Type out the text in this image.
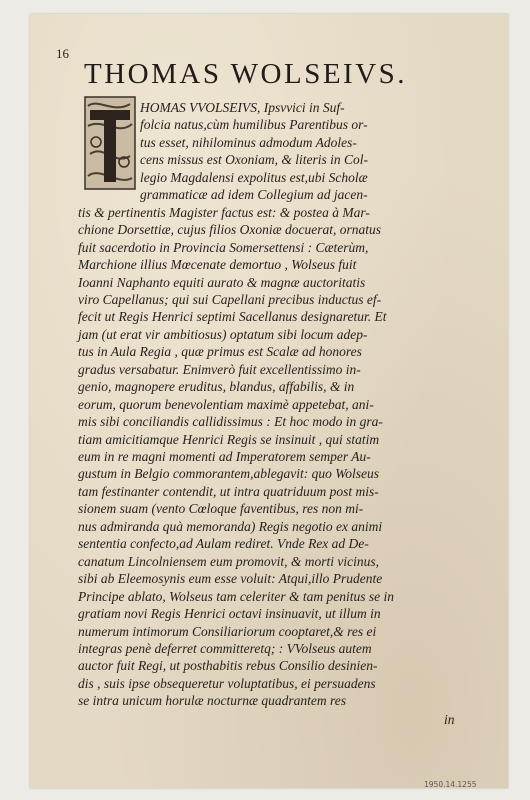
16
THOMAS WOLSEIVS.
HOMAS VVOLSEIVS, Ipsvvici in Suf-
folcia natus,cùm humilibus Parentibus or-
tus esset, nihilominus admodum Adoles-
cens missus est Oxoniam, & literis in Col-
legio Magdalensi expolitus est,ubi Scholæ
grammaticæ ad idem Collegium ad jacen-
tis & pertinentis Magister factus est: & postea à Mar-
chione Dorsettiæ, cujus filios Oxoniæ docuerat, ornatus
fuit sacerdotio in Provincia Somersettensi : Cæterùm,
Marchione illius Mœcenate demortuo , Wolseus fuit
Ioanni Naphanto equiti aurato & magnæ auctoritatis
viro Capellanus; qui sui Capellani precibus inductus ef-
fecit ut Regis Henrici septimi Sacellanus designaretur. Et
jam (ut erat vir ambitiosus) optatum sibi locum adep-
tus in Aula Regia , quæ primus est Scalæ ad honores
gradus versabatur. Enimverò fuit excellentissimo in-
genio, magnopere eruditus, blandus, affabilis, & in
eorum, quorum benevolentiam maximè appetebat, ani-
mis sibi conciliandis callidissimus : Et hoc modo in gra-
tiam amicitiamque Henrici Regis se insinuit , qui statim
eum in re magni momenti ad Imperatorem semper Au-
gustum in Belgio commorantem,ablegavit: quo Wolseus
tam festinanter contendit, ut intra quatriduum post mis-
sionem suam (vento Cœloque faventibus, res non mi-
nus admiranda quà memoranda) Regis negotio ex animi
sententia confecto,ad Aulam rediret. Vnde Rex ad De-
canatum Lincolniensem eum promovit, & morti vicinus,
sibi ab Eleemosynis eum esse voluit: Atqui,illo Prudente
Principe ablato, Wolseus tam celeriter & tam penitus se in
gratiam novi Regis Henrici octavi insinuavit, ut illum in
numerum intimorum Consiliariorum cooptaret,& res ei
integras penè deferret committeretq; : VVolseus autem
auctor fuit Regi, ut posthabitis rebus Consilio desinien-
dis , suis ipse obsequeretur voluptatibus, ei persuadens
se intra unicum horulæ nocturnæ quadrantem res
in
1950.14.1255
